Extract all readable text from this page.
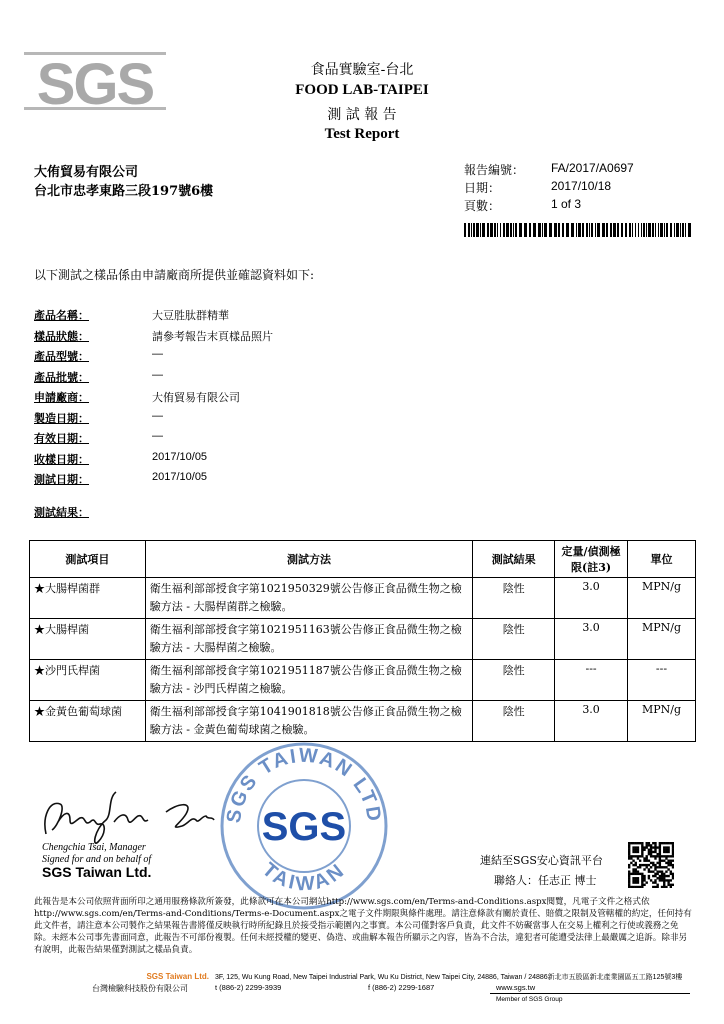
SGS	食品實驗室-台北
FOOD LAB-TAIPEI
測 試 報 告
Test Report
大侑貿易有限公司
台北市忠孝東路三段197號6樓
報告編號： FA/2017/A0697
日期：	2017/10/18
頁數：	1 of 3
以下測試之樣品係由申請廠商所提供並確認資料如下:
產品名稱：	大豆胜肽群精華
樣品狀態：	請參考報告末頁樣品照片
產品型號：	—
產品批號：	—
申請廠商：	大侑貿易有限公司
製造日期：	—
有效日期：	—
收樣日期：	2017/10/05
測試日期：	2017/10/05
測試結果：
測試項目	測試方法	測試結果	定量/偵測極限(註3)	單位
★大腸桿菌群	衛生福利部部授食字第1021950329號公告修正食品微生物之檢驗方法 - 大腸桿菌群之檢驗。	陰性	3.0	MPN/g
★大腸桿菌	衛生福利部部授食字第1021951163號公告修正食品微生物之檢驗方法 - 大腸桿菌之檢驗。	陰性	3.0	MPN/g
★沙門氏桿菌	衛生福利部部授食字第1021951187號公告修正食品微生物之檢驗方法 - 沙門氏桿菌之檢驗。	陰性	---	---
★金黃色葡萄球菌	衛生福利部部授食字第1041901818號公告修正食品微生物之檢驗方法 - 金黃色葡萄球菌之檢驗。	陰性	3.0	MPN/g
Chengchia Tsai, Manager
Signed for and on behalf of
SGS Taiwan Ltd.
SGS TAIWAN LTD
TAIWAN
SGS
連結至SGS安心資訊平台
聯絡人：任志正 博士
此報告是本公司依照背面所印之通用服務條款所簽發，此條款可在本公司網站http://www.sgs.com/en/Terms-and-Conditions.aspx閱覽，凡電子文件之格式依http://www.sgs.com/en/Terms-and-Conditions/Terms-e-Document.aspx之電子文件期限與條件處理。請注意條款有關於責任、賠償之限制及管轄權的約定，任何持有此文件者，請注意本公司製作之結果報告書將僅反映執行時所紀錄且於接受指示範圍內之事實。本公司僅對客戶負責，此文件不妨礙當事人在交易上權利之行使或義務之免除。未經本公司事先書面同意，此報告不可部份複製。任何未經授權的變更、偽造、或曲解本報告所顯示之內容，皆為不合法，違犯者可能遭受法律上最嚴厲之追訴。除非另有說明，此報告結果僅對測試之樣品負責。
SGS Taiwan Ltd.
台灣檢驗科技股份有限公司
3F, 125, Wu Kung Road, New Taipei Industrial Park, Wu Ku District, New Taipei City, 24886, Taiwan / 24886新北市五股區新北產業園區五工路125號3樓
t (886-2) 2299-3939	f (886-2) 2299-1687	www.sgs.tw
Member of SGS Group
